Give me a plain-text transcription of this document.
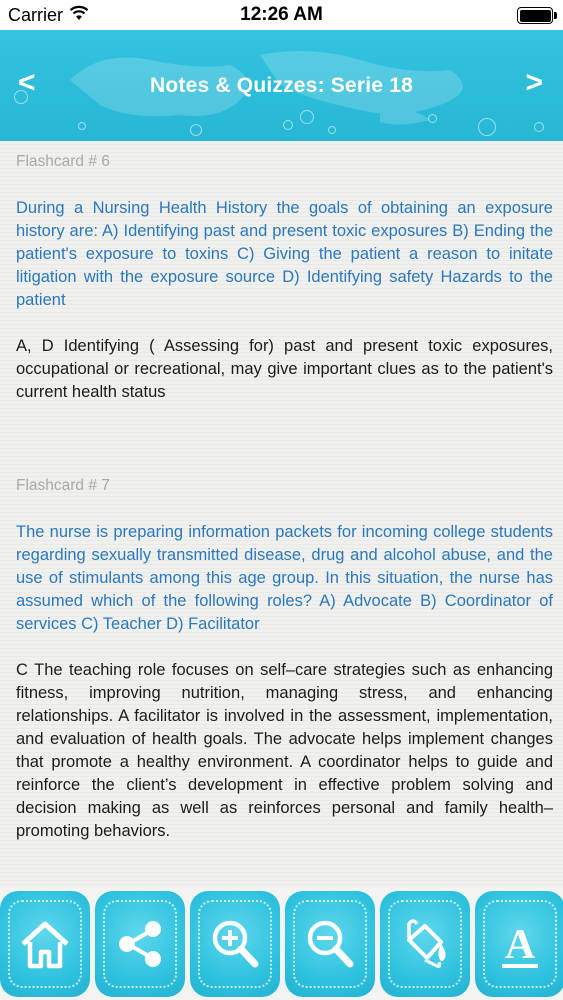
Carrier	12:26 AM
<	Notes & Quizzes: Serie 18	>
Flashcard # 6
During a Nursing Health History the goals of obtaining an exposure history are: A) Identifying past and present toxic exposures B) Ending the patient's exposure to toxins C) Giving the patient a reason to initate litigation with the exposure source D) Identifying safety Hazards to the patient
A, D Identifying ( Assessing for) past and present toxic exposures, occupational or recreational, may give important clues as to the patient's current health status
Flashcard # 7
The nurse is preparing information packets for incoming college students regarding sexually transmitted disease, drug and alcohol abuse, and the use of stimulants among this age group. In this situation, the nurse has assumed which of the following roles? A) Advocate B) Coordinator of services C) Teacher D) Facilitator
C The teaching role focuses on self–care strategies such as enhancing fitness, improving nutrition, managing stress, and enhancing relationships. A facilitator is involved in the assessment, implementation, and evaluation of health goals. The advocate helps implement changes that promote a healthy environment. A coordinator helps to guide and reinforce the client’s development in effective problem solving and decision making as well as reinforces personal and family health–promoting behaviors.
A
